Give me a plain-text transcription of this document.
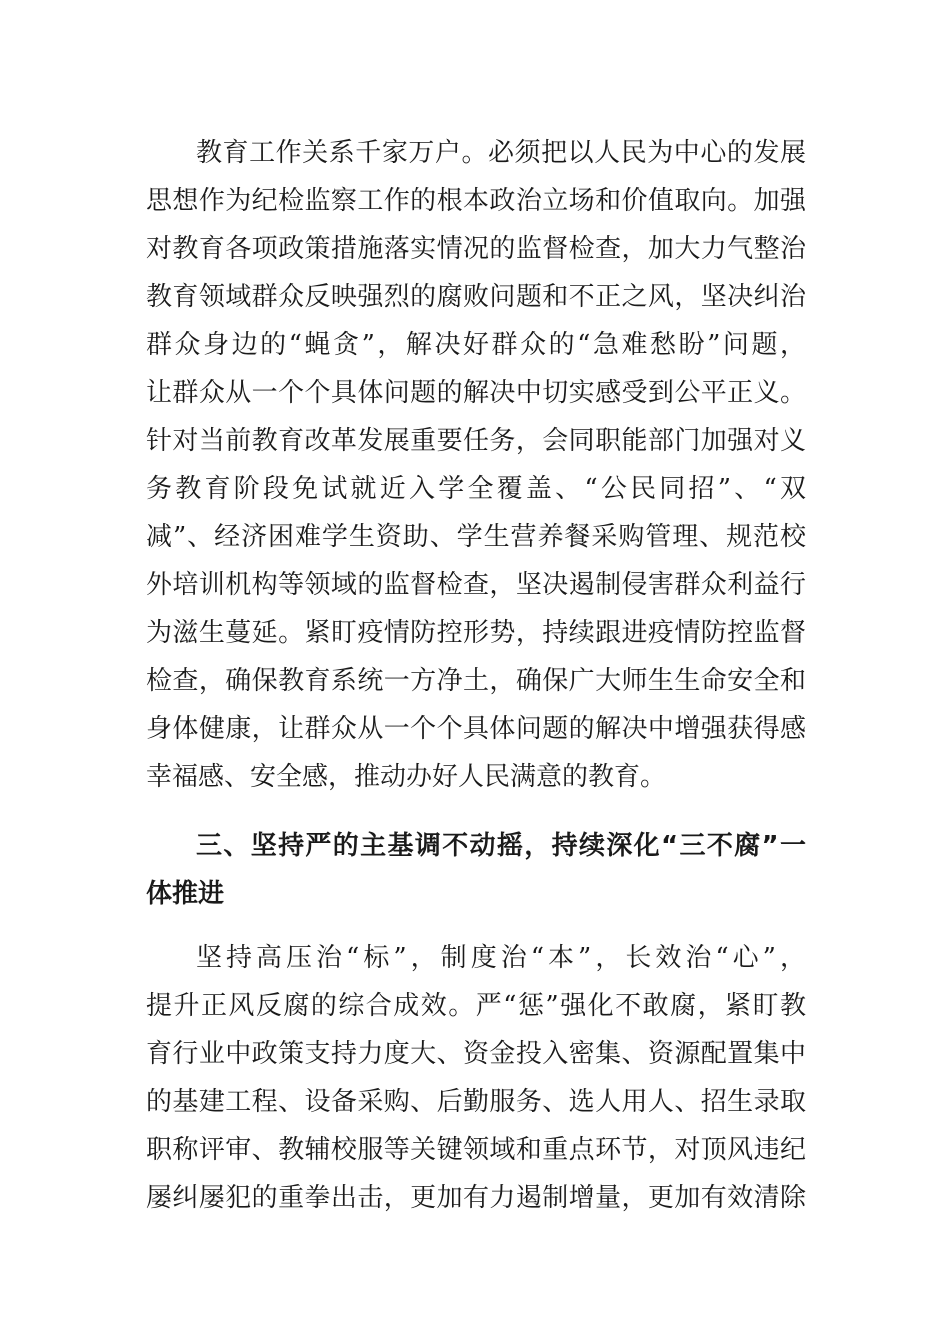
教育工作关系千家万户。必须把以人民为中心的发展
思想作为纪检监察工作的根本政治立场和价值取向。加强
对教育各项政策措施落实情况的监督检查，加大力气整治
教育领域群众反映强烈的腐败问题和不正之风，坚决纠治
群众身边的“蝇贪”，解决好群众的“急难愁盼”问题，
让群众从一个个具体问题的解决中切实感受到公平正义。
针对当前教育改革发展重要任务，会同职能部门加强对义
务教育阶段免试就近入学全覆盖、“公民同招”、“双
减”、经济困难学生资助、学生营养餐采购管理、规范校
外培训机构等领域的监督检查，坚决遏制侵害群众利益行
为滋生蔓延。紧盯疫情防控形势，持续跟进疫情防控监督
检查，确保教育系统一方净土，确保广大师生生命安全和
身体健康，让群众从一个个具体问题的解决中增强获得感
幸福感、安全感，推动办好人民满意的教育。
三、坚持严的主基调不动摇，持续深化“三不腐”一
体推进
坚持高压治“标”，制度治“本”，长效治“心”，
提升正风反腐的综合成效。严“惩”强化不敢腐，紧盯教
育行业中政策支持力度大、资金投入密集、资源配置集中
的基建工程、设备采购、后勤服务、选人用人、招生录取
职称评审、教辅校服等关键领域和重点环节，对顶风违纪
屡纠屡犯的重拳出击，更加有力遏制增量，更加有效清除
